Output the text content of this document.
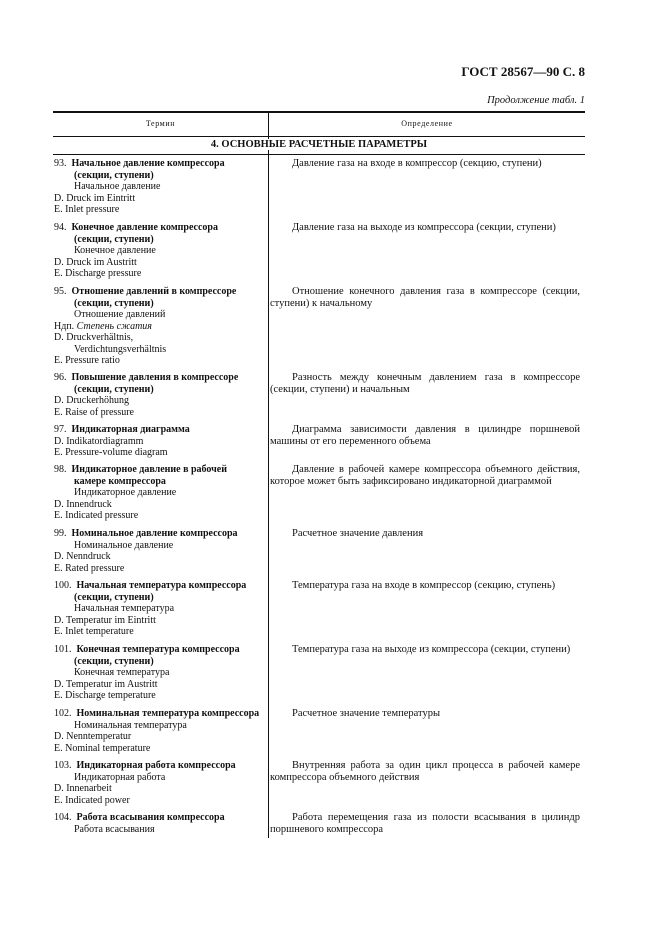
ГОСТ 28567—90 С. 8
Продолжение табл. 1
Термин	Определение
4. ОСНОВНЫЕ РАСЧЕТНЫЕ ПАРАМЕТРЫ
93. Начальное давление компрессора
(секции, ступени)
Начальное давление
D. Druck im Eintritt
E. Inlet pressure
Давление газа на входе в компрессор (секцию, ступени)
94. Конечное давление компрессора
(секции, ступени)
Конечное давление
D. Druck im Austritt
E. Discharge pressure
Давление газа на выходе из компрессора (секции, ступени)
95. Отношение давлений в компрессоре
(секции, ступени)
Отношение давлений
Ндп. Степень сжатия
D. Druckverhältnis,
Verdichtungsverhältnis
E. Pressure ratio
Отношение конечного давления газа в компрессоре (секции, ступени) к начальному
96. Повышение давления в компрессоре
(секции, ступени)
D. Druckerhöhung
E. Raise of pressure
Разность между конечным давлением газа в компрессоре (секции, ступени) и начальным
97. Индикаторная диаграмма
D. Indikatordiagramm
E. Pressure-volume diagram
Диаграмма зависимости давления в цилиндре поршневой машины от его переменного объема
98. Индикаторное давление в рабочей
камере компрессора
Индикаторное давление
D. Innendruck
E. Indicated pressure
Давление в рабочей камере компрессора объемного действия, которое может быть зафиксировано индикаторной диаграммой
99. Номинальное давление компрессора
Номинальное давление
D. Nenndruck
E. Rated pressure
Расчетное значение давления
100. Начальная температура компрессора
(секции, ступени)
Начальная температура
D. Temperatur im Eintritt
E. Inlet temperature
Температура газа на входе в компрессор (секцию, ступень)
101. Конечная температура компрессора
(секции, ступени)
Конечная температура
D. Temperatur im Austritt
E. Discharge temperature
Температура газа на выходе из компрессора (секции, ступени)
102. Номинальная температура компрессора
Номинальная температура
D. Nenntemperatur
E. Nominal temperature
Расчетное значение температуры
103. Индикаторная работа компрессора
Индикаторная работа
D. Innenarbeit
E. Indicated power
Внутренняя работа за один цикл процесса в рабочей камере компрессора объемного действия
104. Работа всасывания компрессора
Работа всасывания
Работа перемещения газа из полости всасывания в цилиндр поршневого компрессора
